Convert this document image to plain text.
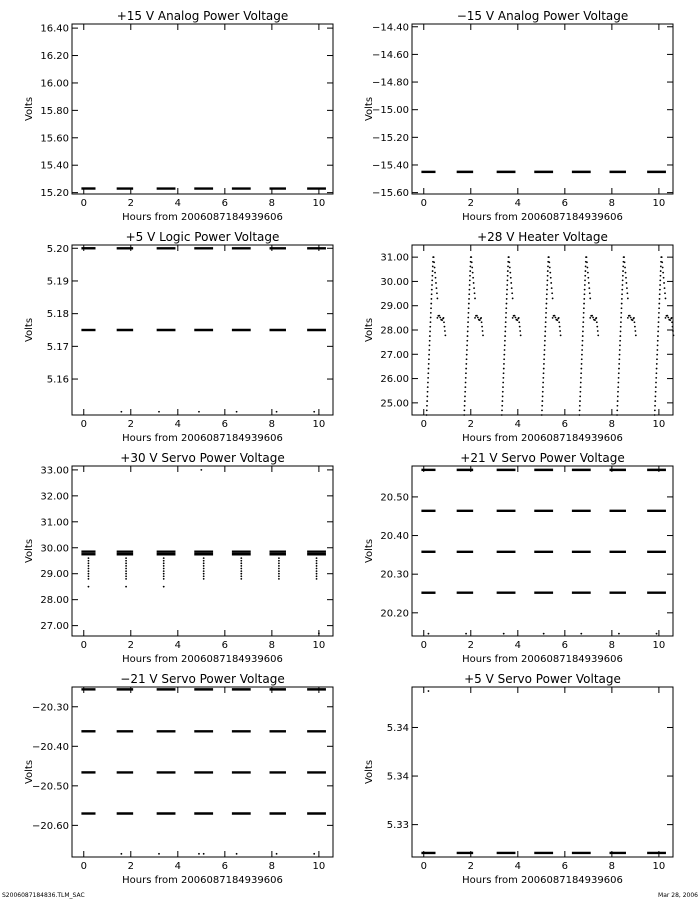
+15 V Analog Power Voltage
Hours from 2006087184939606
Volts
0	2	4	6	8	10
15.20
15.40
15.60
15.80
16.00
16.20
16.40
−15 V Analog Power Voltage
Hours from 2006087184939606
Volts
0	2	4	6	8	10
−15.60
−15.40
−15.20
−15.00
−14.80
−14.60
−14.40
+5 V Logic Power Voltage
Hours from 2006087184939606
Volts
0	2	4	6	8	10
5.16
5.17
5.18
5.19
5.20
+28 V Heater Voltage
Hours from 2006087184939606
Volts
0	2	4	6	8	10
25.00
26.00
27.00
28.00
29.00
30.00
31.00
+30 V Servo Power Voltage
Hours from 2006087184939606
Volts
0	2	4	6	8	10
27.00
28.00
29.00
30.00
31.00
32.00
33.00
+21 V Servo Power Voltage
Hours from 2006087184939606
Volts
0	2	4	6	8	10
20.20
20.30
20.40
20.50
−21 V Servo Power Voltage
Hours from 2006087184939606
Volts
0	2	4	6	8	10
−20.60
−20.50
−20.40
−20.30
+5 V Servo Power Voltage
Hours from 2006087184939606
Volts
0	2	4	6	8	10
5.33
5.34
5.34
S2006087184836.TLM_SAC	Mar 28, 2006
